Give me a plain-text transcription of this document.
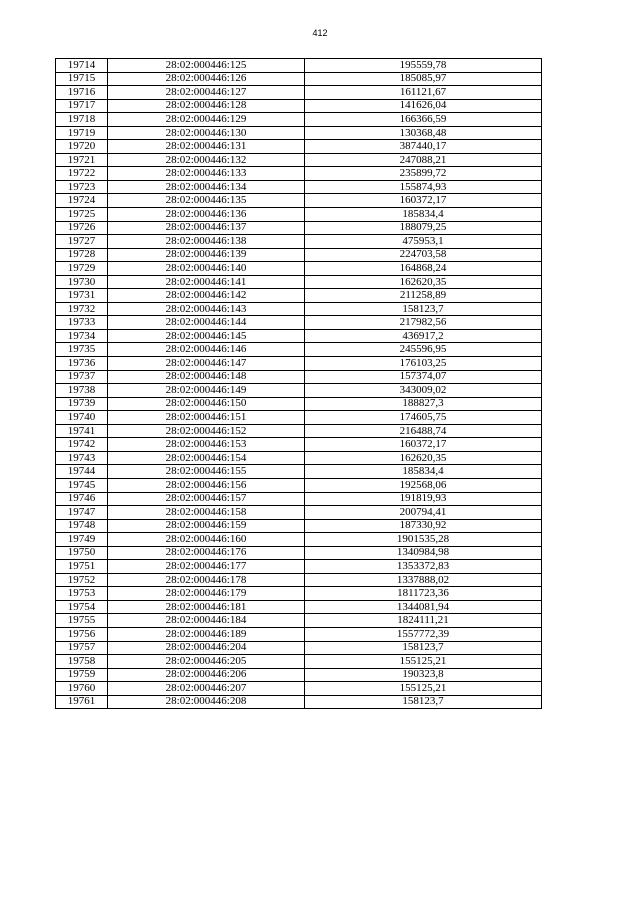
412
19714	28:02:000446:125	195559,78
19715	28:02:000446:126	185085,97
19716	28:02:000446:127	161121,67
19717	28:02:000446:128	141626,04
19718	28:02:000446:129	166366,59
19719	28:02:000446:130	130368,48
19720	28:02:000446:131	387440,17
19721	28:02:000446:132	247088,21
19722	28:02:000446:133	235899,72
19723	28:02:000446:134	155874,93
19724	28:02:000446:135	160372,17
19725	28:02:000446:136	185834,4
19726	28:02:000446:137	188079,25
19727	28:02:000446:138	475953,1
19728	28:02:000446:139	224703,58
19729	28:02:000446:140	164868,24
19730	28:02:000446:141	162620,35
19731	28:02:000446:142	211258,89
19732	28:02:000446:143	158123,7
19733	28:02:000446:144	217982,56
19734	28:02:000446:145	436917,2
19735	28:02:000446:146	245596,95
19736	28:02:000446:147	176103,25
19737	28:02:000446:148	157374,07
19738	28:02:000446:149	343009,02
19739	28:02:000446:150	188827,3
19740	28:02:000446:151	174605,75
19741	28:02:000446:152	216488,74
19742	28:02:000446:153	160372,17
19743	28:02:000446:154	162620,35
19744	28:02:000446:155	185834,4
19745	28:02:000446:156	192568,06
19746	28:02:000446:157	191819,93
19747	28:02:000446:158	200794,41
19748	28:02:000446:159	187330,92
19749	28:02:000446:160	1901535,28
19750	28:02:000446:176	1340984,98
19751	28:02:000446:177	1353372,83
19752	28:02:000446:178	1337888,02
19753	28:02:000446:179	1811723,36
19754	28:02:000446:181	1344081,94
19755	28:02:000446:184	1824111,21
19756	28:02:000446:189	1557772,39
19757	28:02:000446:204	158123,7
19758	28:02:000446:205	155125,21
19759	28:02:000446:206	190323,8
19760	28:02:000446:207	155125,21
19761	28:02:000446:208	158123,7
